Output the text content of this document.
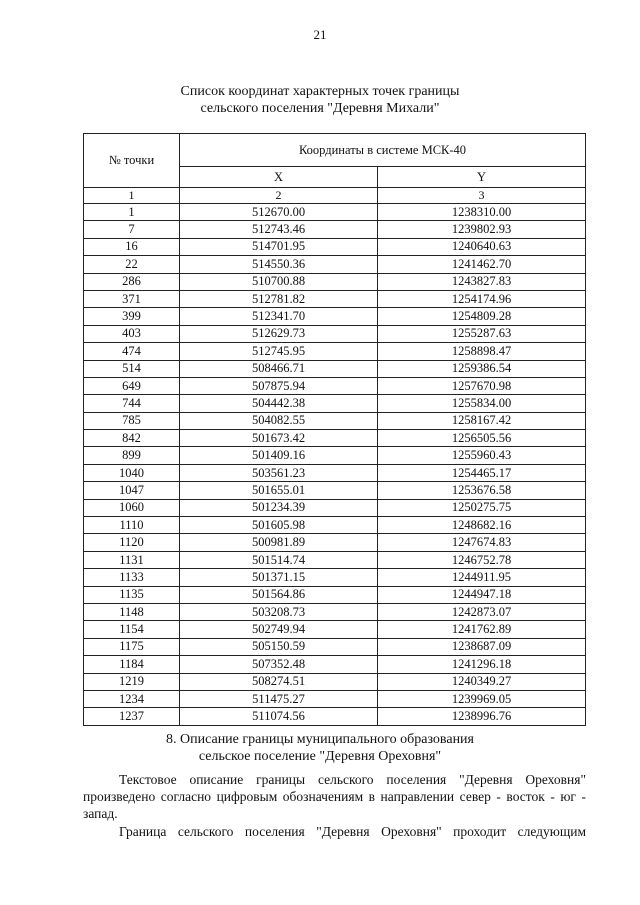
21
Список координат характерных точек границы
сельского поселения "Деревня Михали"
№ точки	Координаты в системе МСК-40	
	X	Y
1	2	3
1	512670.00	1238310.00
7	512743.46	1239802.93
16	514701.95	1240640.63
22	514550.36	1241462.70
286	510700.88	1243827.83
371	512781.82	1254174.96
399	512341.70	1254809.28
403	512629.73	1255287.63
474	512745.95	1258898.47
514	508466.71	1259386.54
649	507875.94	1257670.98
744	504442.38	1255834.00
785	504082.55	1258167.42
842	501673.42	1256505.56
899	501409.16	1255960.43
1040	503561.23	1254465.17
1047	501655.01	1253676.58
1060	501234.39	1250275.75
1110	501605.98	1248682.16
1120	500981.89	1247674.83
1131	501514.74	1246752.78
1133	501371.15	1244911.95
1135	501564.86	1244947.18
1148	503208.73	1242873.07
1154	502749.94	1241762.89
1175	505150.59	1238687.09
1184	507352.48	1241296.18
1219	508274.51	1240349.27
1234	511475.27	1239969.05
1237	511074.56	1238996.76
8. Описание границы муниципального образования
сельское поселение "Деревня Ореховня"
Текстовое описание границы сельского поселения "Деревня Ореховня" произведено согласно цифровым обозначениям в направлении север - восток - юг - запад.
Граница сельского поселения "Деревня Ореховня" проходит следующим
